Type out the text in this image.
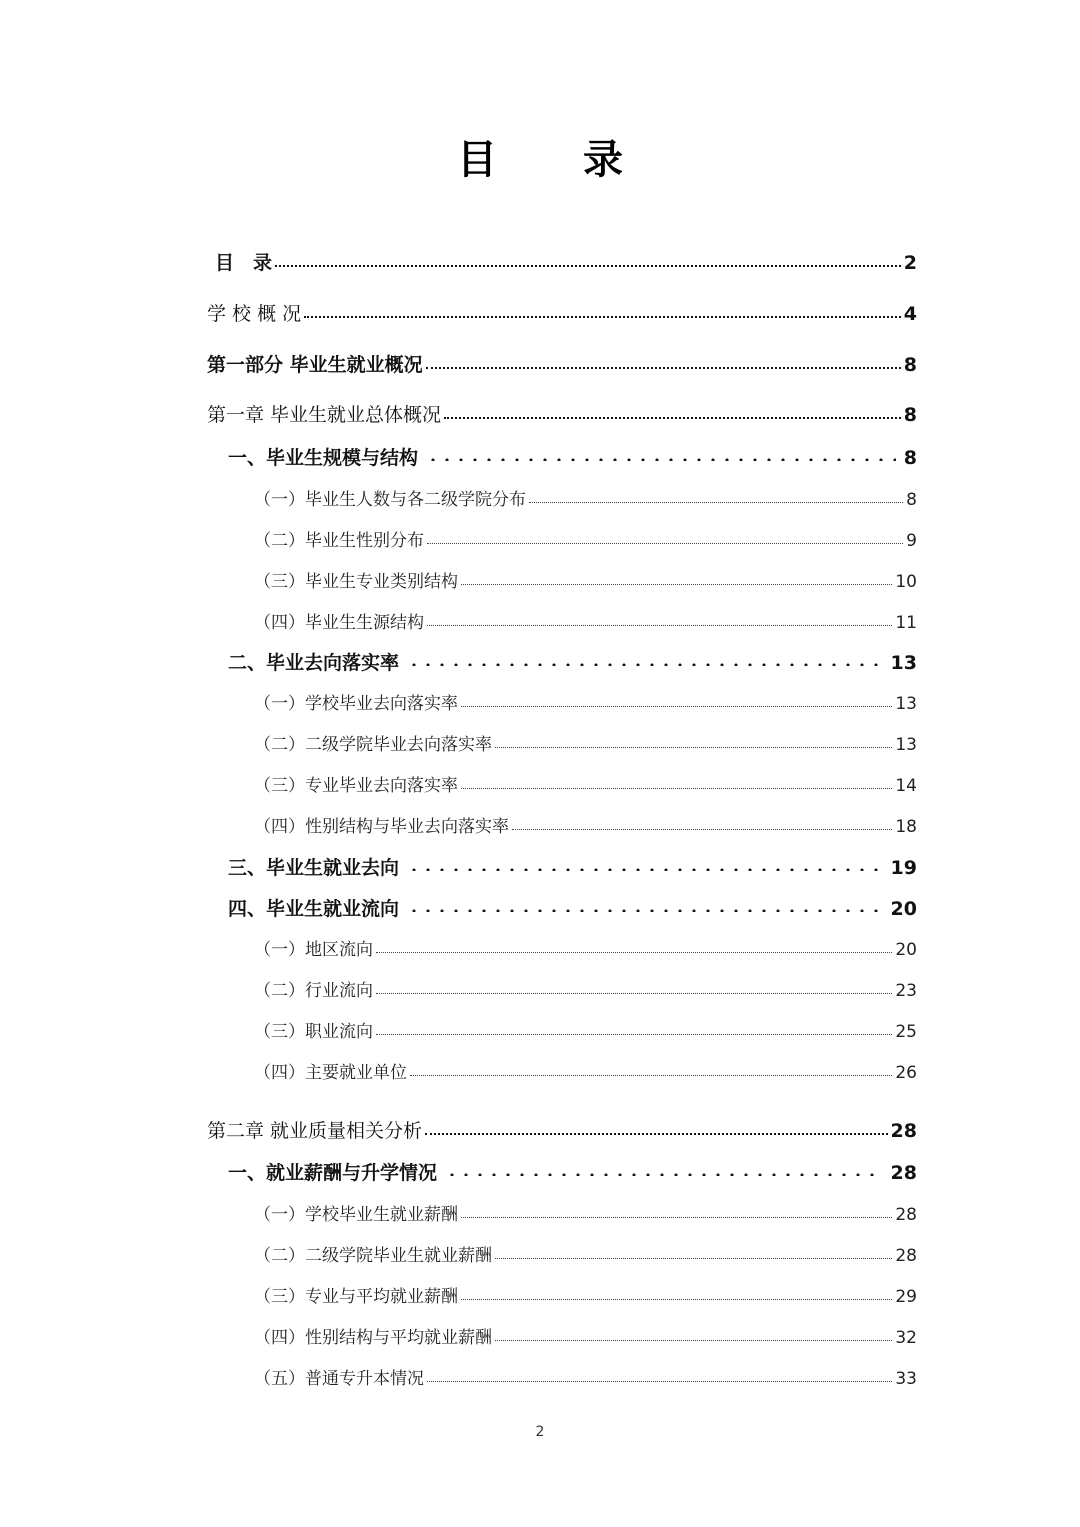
目 录
目　录	2
学 校 概 况	4
第一部分 毕业生就业概况	8
第一章 毕业生就业总体概况	8
一、毕业生规模与结构	8
（一）毕业生人数与各二级学院分布	8
（二）毕业生性别分布	9
（三）毕业生专业类别结构	10
（四）毕业生生源结构	11
二、毕业去向落实率	13
（一）学校毕业去向落实率	13
（二）二级学院毕业去向落实率	13
（三）专业毕业去向落实率	14
（四）性别结构与毕业去向落实率	18
三、毕业生就业去向	19
四、毕业生就业流向	20
（一）地区流向	20
（二）行业流向	23
（三）职业流向	25
（四）主要就业单位	26
第二章 就业质量相关分析	28
一、就业薪酬与升学情况	28
（一）学校毕业生就业薪酬	28
（二）二级学院毕业生就业薪酬	28
（三）专业与平均就业薪酬	29
（四）性别结构与平均就业薪酬	32
（五）普通专升本情况	33
2
